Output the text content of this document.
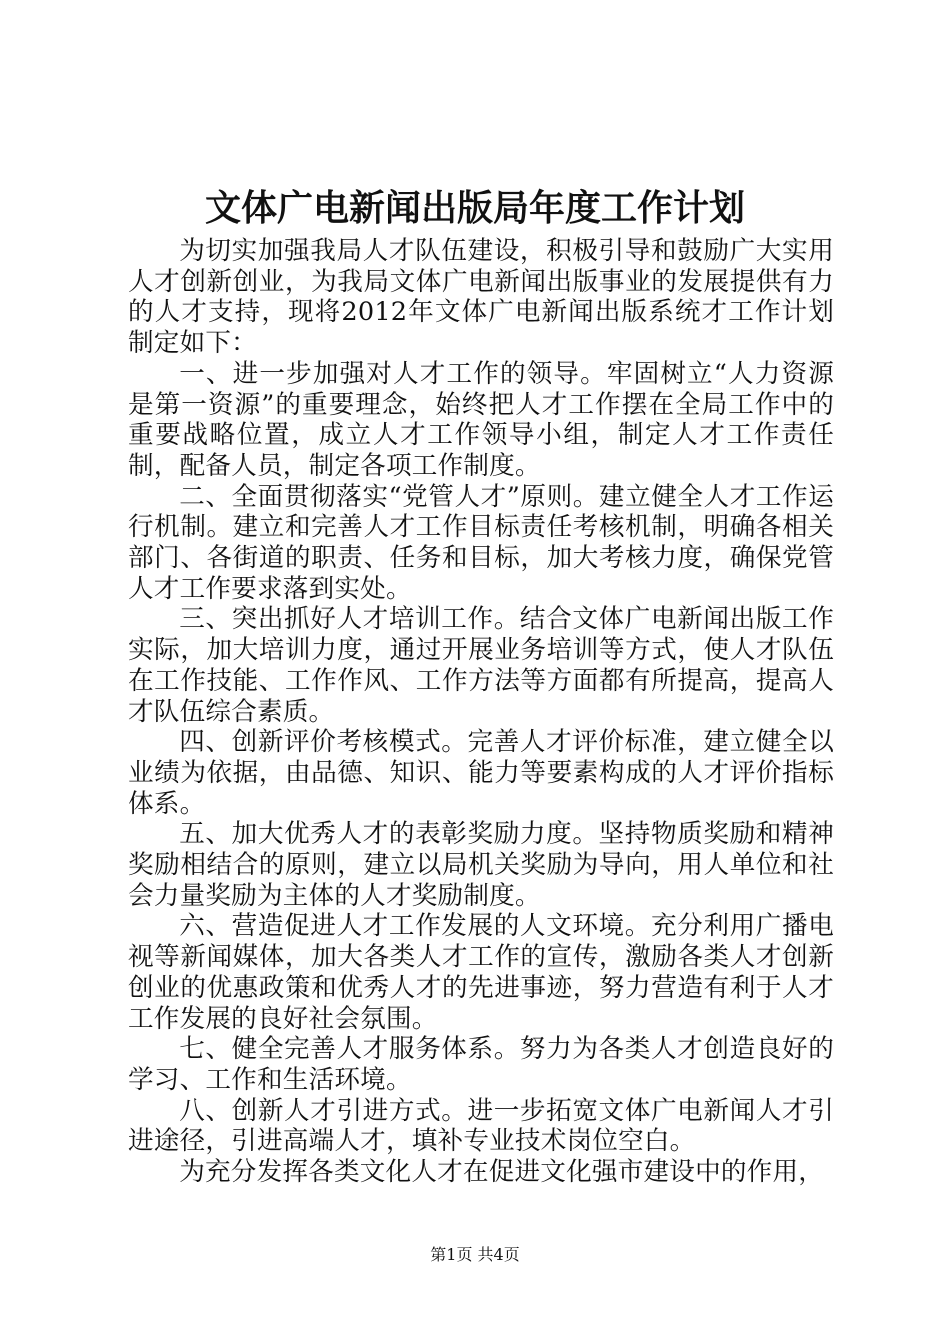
文体广电新闻出版局年度工作计划

为切实加强我局人才队伍建设，积极引导和鼓励广大实用人才创新创业，为我局文体广电新闻出版事业的发展提供有力的人才支持，现将2012年文体广电新闻出版系统才工作计划制定如下：

一、进一步加强对人才工作的领导。牢固树立“人力资源是第一资源”的重要理念，始终把人才工作摆在全局工作中的重要战略位置，成立人才工作领导小组，制定人才工作责任制，配备人员，制定各项工作制度。

二、全面贯彻落实“党管人才”原则。建立健全人才工作运行机制。建立和完善人才工作目标责任考核机制，明确各相关部门、各街道的职责、任务和目标，加大考核力度，确保党管人才工作要求落到实处。

三、突出抓好人才培训工作。结合文体广电新闻出版工作实际，加大培训力度，通过开展业务培训等方式，使人才队伍在工作技能、工作作风、工作方法等方面都有所提高，提高人才队伍综合素质。

四、创新评价考核模式。完善人才评价标准，建立健全以业绩为依据，由品德、知识、能力等要素构成的人才评价指标体系。

五、加大优秀人才的表彰奖励力度。坚持物质奖励和精神奖励相结合的原则，建立以局机关奖励为导向，用人单位和社会力量奖励为主体的人才奖励制度。

六、营造促进人才工作发展的人文环境。充分利用广播电视等新闻媒体，加大各类人才工作的宣传，激励各类人才创新创业的优惠政策和优秀人才的先进事迹，努力营造有利于人才工作发展的良好社会氛围。

七、健全完善人才服务体系。努力为各类人才创造良好的学习、工作和生活环境。

八、创新人才引进方式。进一步拓宽文体广电新闻人才引进途径，引进高端人才，填补专业技术岗位空白。

为充分发挥各类文化人才在促进文化强市建设中的作用，

第1页 共4页
